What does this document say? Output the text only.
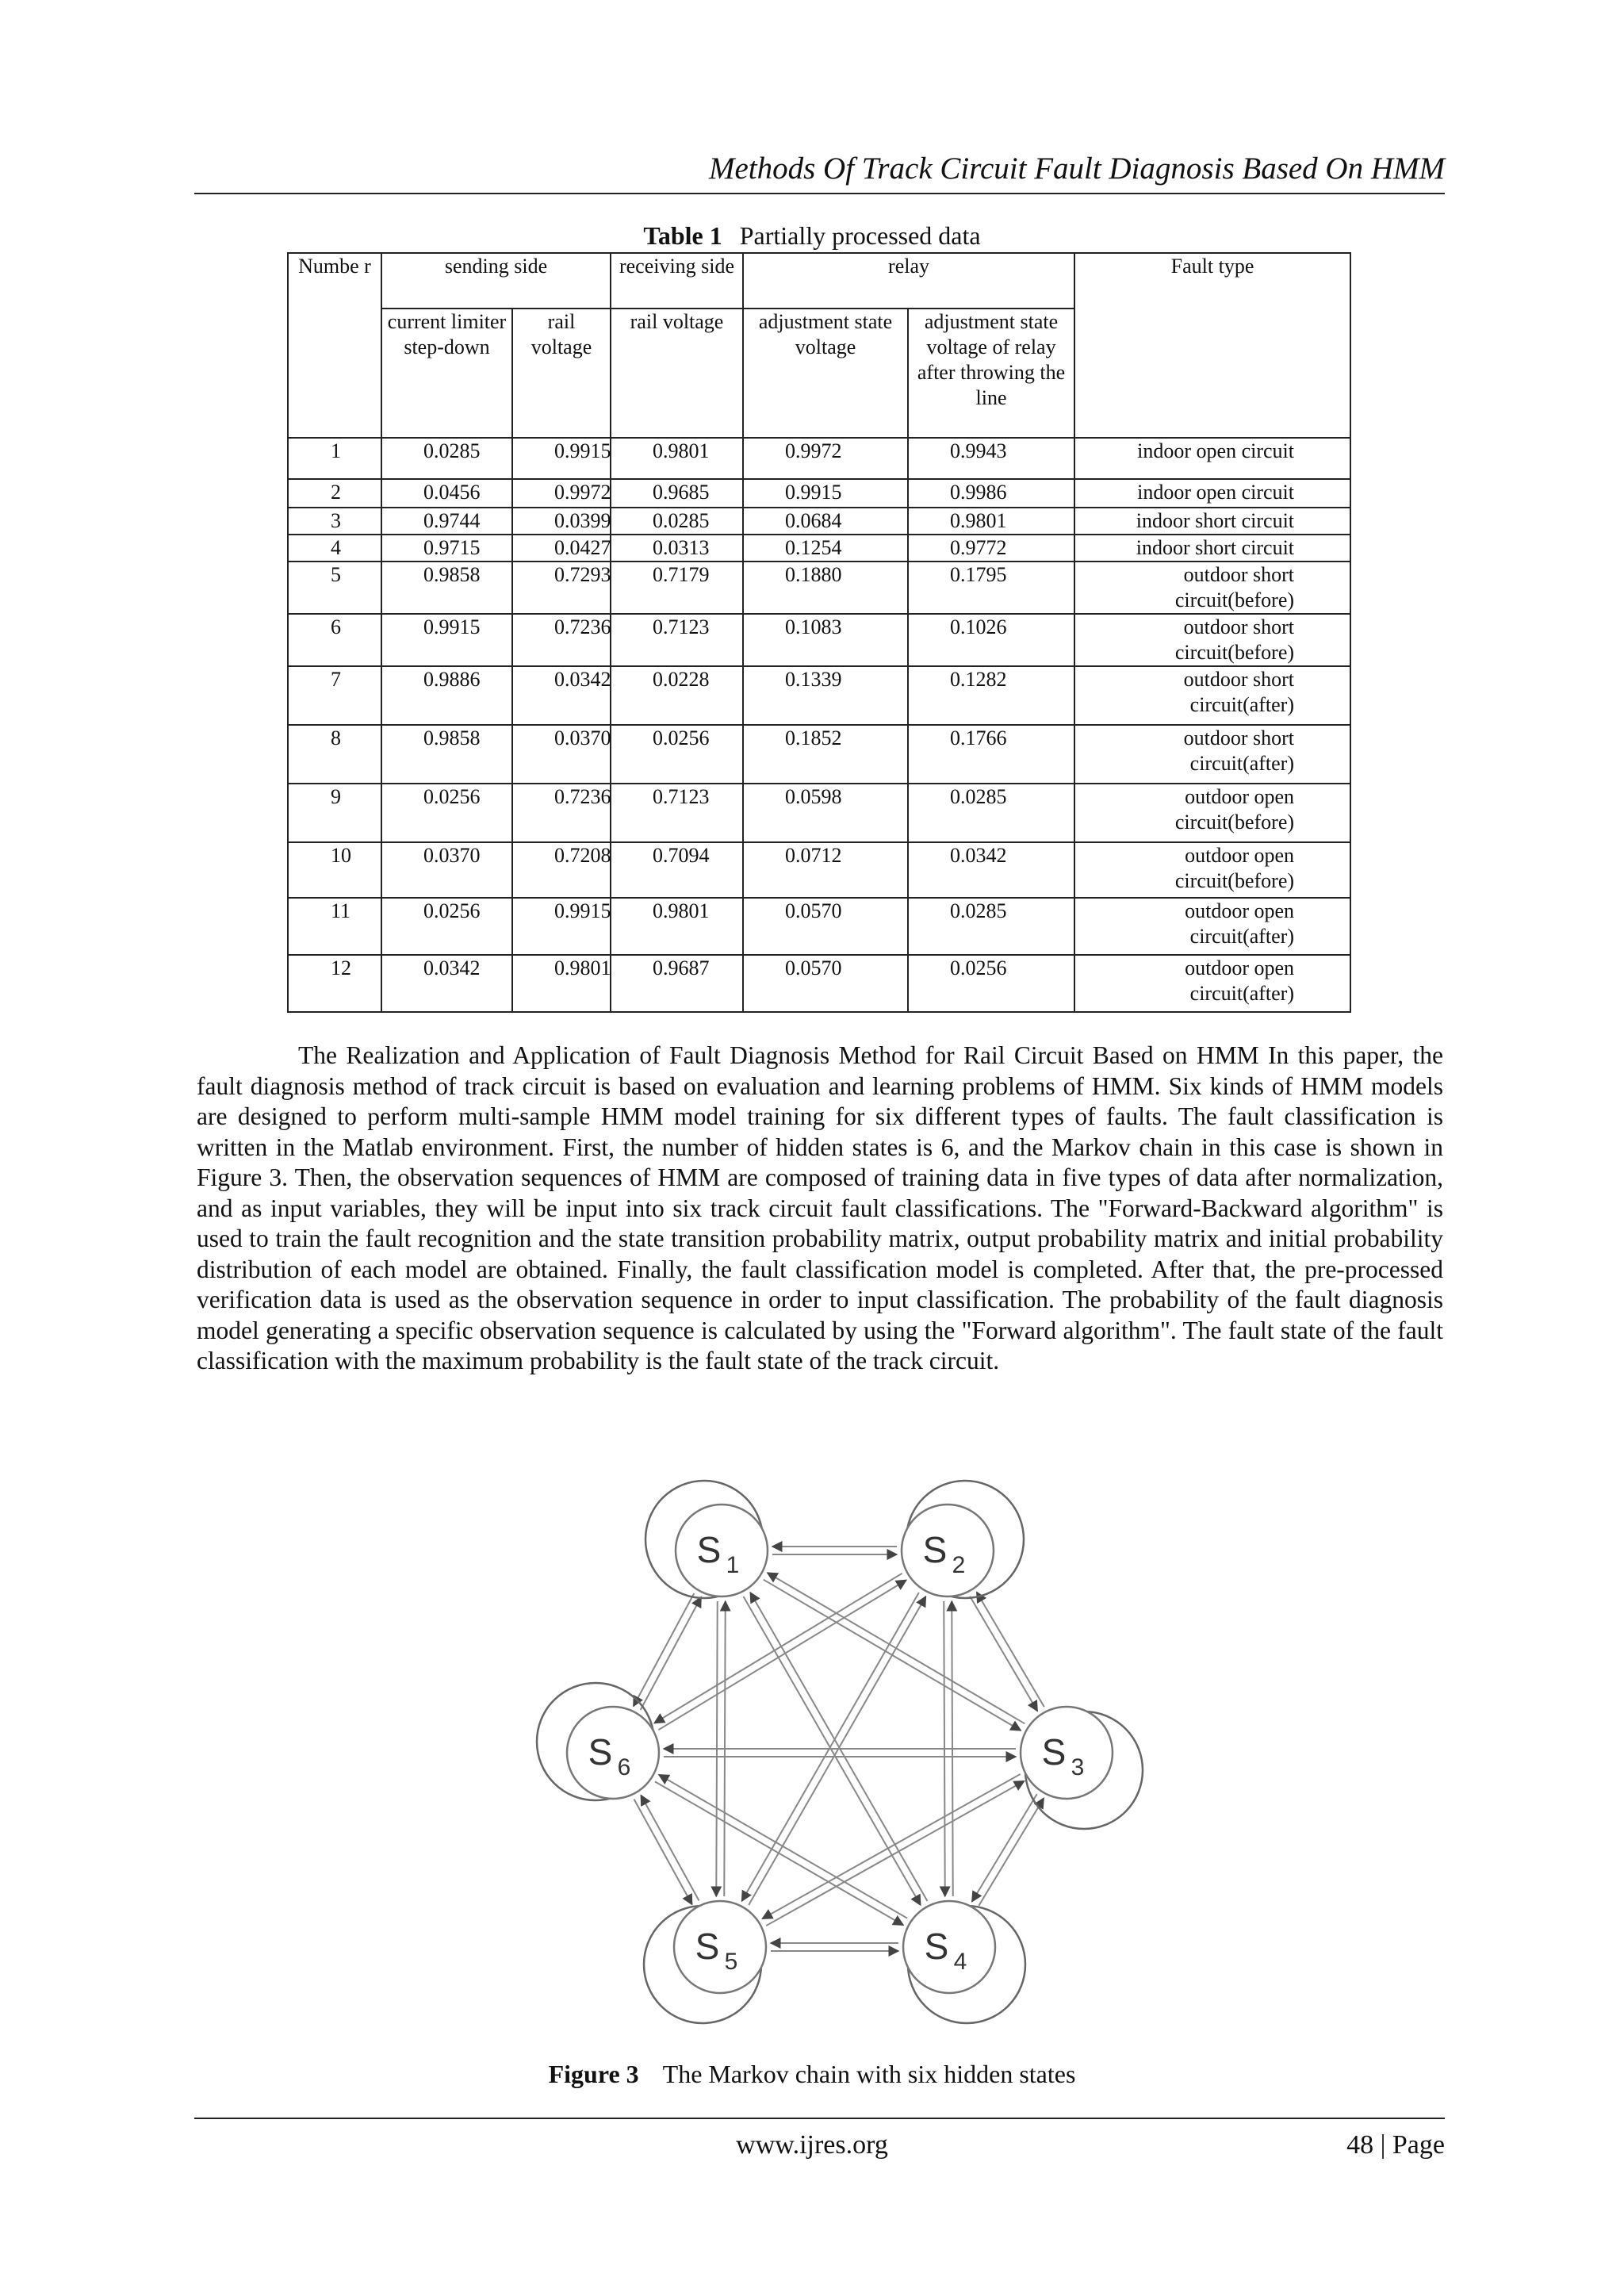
Methods Of Track Circuit Fault Diagnosis Based On HMM
Table 1 Partially processed data
Numbe r	sending side		receiving side	relay		Fault type
	current limiter step-down	rail voltage	rail voltage	adjustment state voltage	adjustment state voltage of relay after throwing the line	
1	0.0285	0.9915	0.9801	0.9972	0.9943	indoor open circuit
2	0.0456	0.9972	0.9685	0.9915	0.9986	indoor open circuit
3	0.9744	0.0399	0.0285	0.0684	0.9801	indoor short circuit
4	0.9715	0.0427	0.0313	0.1254	0.9772	indoor short circuit
5	0.9858	0.7293	0.7179	0.1880	0.1795	outdoor short circuit(before)
6	0.9915	0.7236	0.7123	0.1083	0.1026	outdoor short circuit(before)
7	0.9886	0.0342	0.0228	0.1339	0.1282	outdoor short circuit(after)
8	0.9858	0.0370	0.0256	0.1852	0.1766	outdoor short circuit(after)
9	0.0256	0.7236	0.7123	0.0598	0.0285	outdoor open circuit(before)
10	0.0370	0.7208	0.7094	0.0712	0.0342	outdoor open circuit(before)
11	0.0256	0.9915	0.9801	0.0570	0.0285	outdoor open circuit(after)
12	0.0342	0.9801	0.9687	0.0570	0.0256	outdoor open circuit(after)

The Realization and Application of Fault Diagnosis Method for Rail Circuit Based on HMM In this paper, the fault diagnosis method of track circuit is based on evaluation and learning problems of HMM. Six kinds of HMM models are designed to perform multi-sample HMM model training for six different types of faults. The fault classification is written in the Matlab environment. First, the number of hidden states is 6, and the Markov chain in this case is shown in Figure 3. Then, the observation sequences of HMM are composed of training data in five types of data after normalization, and as input variables, they will be input into six track circuit fault classifications. The "Forward-Backward algorithm" is used to train the fault recognition and the state transition probability matrix, output probability matrix and initial probability distribution of each model are obtained. Finally, the fault classification model is completed. After that, the pre-processed verification data is used as the observation sequence in order to input classification. The probability of the fault diagnosis model generating a specific observation sequence is calculated by using the "Forward algorithm". The fault state of the fault classification with the maximum probability is the fault state of the track circuit.

S 1	S 2
S 3
S 4
S 5
S 6
Figure 3 The Markov chain with six hidden states
www.ijres.org	48 | Page
